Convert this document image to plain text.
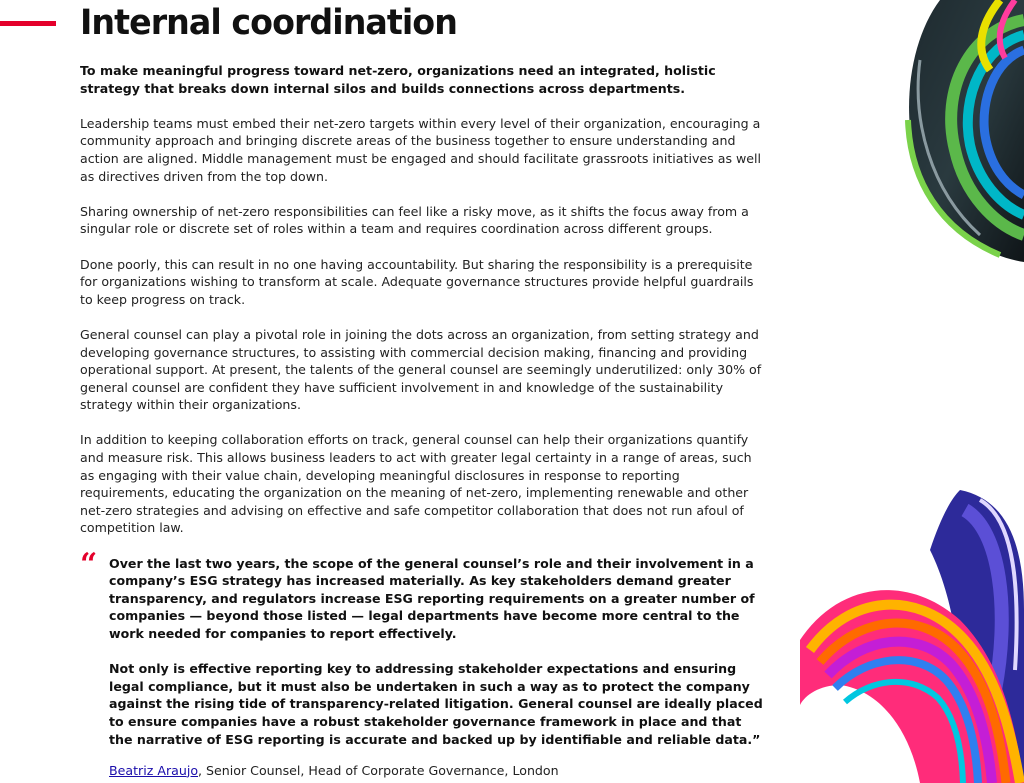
Internal coordination

To make meaningful progress toward net-zero, organizations need an integrated, holistic strategy that breaks down internal silos and builds connections across departments.

Leadership teams must embed their net-zero targets within every level of their organization, encouraging a community approach and bringing discrete areas of the business together to ensure understanding and action are aligned. Middle management must be engaged and should facilitate grassroots initiatives as well as directives driven from the top down.

Sharing ownership of net-zero responsibilities can feel like a risky move, as it shifts the focus away from a singular role or discrete set of roles within a team and requires coordination across different groups.

Done poorly, this can result in no one having accountability. But sharing the responsibility is a prerequisite for organizations wishing to transform at scale. Adequate governance structures provide helpful guardrails to keep progress on track.

General counsel can play a pivotal role in joining the dots across an organization, from setting strategy and developing governance structures, to assisting with commercial decision making, financing and providing operational support. At present, the talents of the general counsel are seemingly underutilized: only 30% of general counsel are confident they have sufficient involvement in and knowledge of the sustainability strategy within their organizations.

In addition to keeping collaboration efforts on track, general counsel can help their organizations quantify and measure risk. This allows business leaders to act with greater legal certainty in a range of areas, such as engaging with their value chain, developing meaningful disclosures in response to reporting requirements, educating the organization on the meaning of net-zero, implementing renewable and other net-zero strategies and advising on effective and safe competitor collaboration that does not run afoul of competition law.

“ Over the last two years, the scope of the general counsel’s role and their involvement in a company’s ESG strategy has increased materially. As key stakeholders demand greater transparency, and regulators increase ESG reporting requirements on a greater number of companies — beyond those listed — legal departments have become more central to the work needed for companies to report effectively.

Not only is effective reporting key to addressing stakeholder expectations and ensuring legal compliance, but it must also be undertaken in such a way as to protect the company against the rising tide of transparency-related litigation. General counsel are ideally placed to ensure companies have a robust stakeholder governance framework in place and that the narrative of ESG reporting is accurate and backed up by identifiable and reliable data.”

Beatriz Araujo, Senior Counsel, Head of Corporate Governance, London
